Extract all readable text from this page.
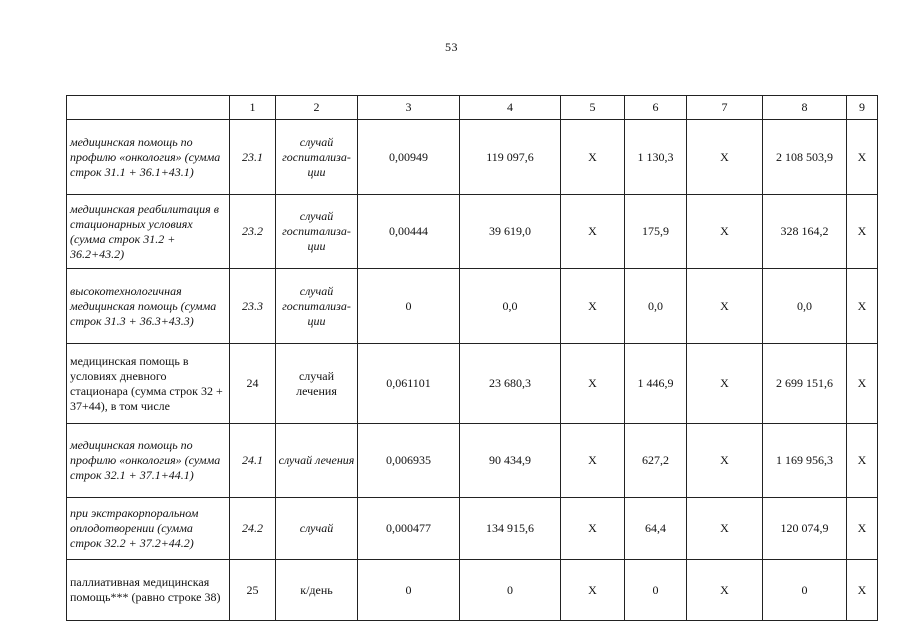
53
	1	2	3	4	5	6	7	8	9
медицинская помощь по профилю «онкология» (сумма строк 31.1 + 36.1+43.1)	23.1	случай госпитализа-ции	0,00949	119 097,6	X	1 130,3	X	2 108 503,9	X
медицинская реабилитация в стационарных условиях (сумма строк 31.2 + 36.2+43.2)	23.2	случай госпитализа-ции	0,00444	39 619,0	X	175,9	X	328 164,2	X
высокотехнологичная медицинская помощь (сумма строк 31.3 + 36.3+43.3)	23.3	случай госпитализа-ции	0	0,0	X	0,0	X	0,0	X
медицинская помощь в условиях дневного стационара (сумма строк 32 + 37+44), в том числе	24	случай лечения	0,061101	23 680,3	X	1 446,9	X	2 699 151,6	X
медицинская помощь по профилю «онкология» (сумма строк 32.1 + 37.1+44.1)	24.1	случай лечения	0,006935	90 434,9	X	627,2	X	1 169 956,3	X
при экстракорпоральном оплодотворении (сумма строк 32.2 + 37.2+44.2)	24.2	случай	0,000477	134 915,6	X	64,4	X	120 074,9	X
паллиативная медицинская помощь*** (равно строке 38)	25	к/день	0	0	X	0	X	0	X
